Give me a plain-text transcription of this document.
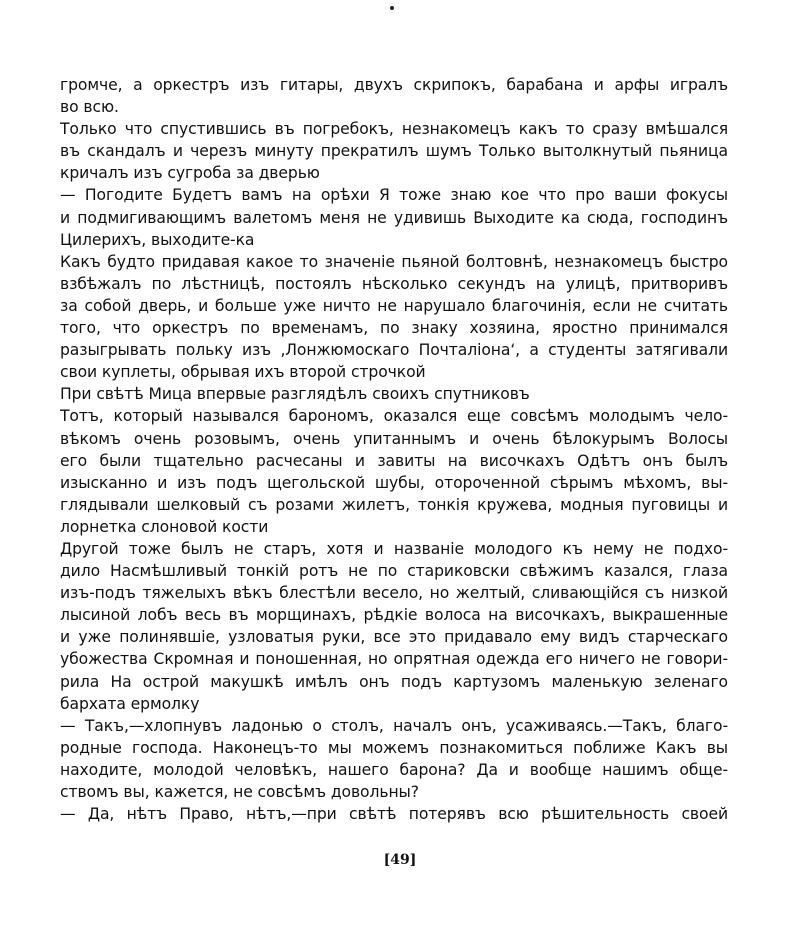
громче, а оркестръ изъ гитары, двухъ скрипокъ, барабана и арфы игралъ
во всю.
Только что спустившись въ погребокъ, незнакомецъ какъ то сразу вмѣшался
въ скандалъ и черезъ минуту прекратилъ шумъ Только вытолкнутый пьяница
кричалъ изъ сугроба за дверью
— Погодите Будетъ вамъ на орѣхи Я тоже знаю кое что про ваши фокусы
и подмигивающимъ валетомъ меня не удивишь Выходите ка сюда, господинъ
Цилерихъ, выходите-ка
Какъ будто придавая какое то значенiе пьяной болтовнѣ, незнакомецъ быстро
взбѣжалъ по лѣстницѣ, постоялъ нѣсколько секундъ на улицѣ, притворивъ
за собой дверь, и больше уже ничто не нарушало благочинiя, если не считать
того, что оркестръ по временамъ, по знаку хозяина, яростно принимался
разыгрывать польку изъ ‚Лонжюмоскаго Почталiона‘, а студенты затягивали
свои куплеты, обрывая ихъ второй строчкой
При свѣтѣ Мица впервые разглядѣлъ своихъ спутниковъ
Тотъ, который назывался барономъ, оказался еще совсѣмъ молодымъ чело-
вѣкомъ очень розовымъ, очень упитаннымъ и очень бѣлокурымъ Волосы
его были тщательно расчесаны и завиты на височкахъ Одѣтъ онъ былъ
изысканно и изъ подъ щегольской шубы, отороченной сѣрымъ мѣхомъ, вы-
глядывали шелковый съ розами жилетъ, тонкiя кружева, модныя пуговицы и
лорнетка слоновой кости
Другой тоже былъ не старъ, хотя и названiе молодого къ нему не подхо-
дило Насмѣшливый тонкiй ротъ не по стариковски свѣжимъ казался, глаза
изъ-подъ тяжелыхъ вѣкъ блестѣли весело, но желтый, сливающiйся съ низкой
лысиной лобъ весь въ морщинахъ, рѣдкiе волоса на височкахъ, выкрашенные
и уже полинявшiе, узловатыя руки, все это придавало ему видъ старческаго
убожества Скромная и поношенная, но опрятная одежда его ничего не говори-
рила На острой макушкѣ имѣлъ онъ подъ картузомъ маленькую зеленаго
бархата ермолку
— Такъ,—хлопнувъ ладонью о столъ, началъ онъ, усаживаясь.—Такъ, благо-
родные господа. Наконецъ-то мы можемъ познакомиться поближе Какъ вы
находите, молодой человѣкъ, нашего барона? Да и вообще нашимъ обще-
ствомъ вы, кажется, не совсѣмъ довольны?
— Да, нѣтъ Право, нѣтъ,—при свѣтѣ потерявъ всю рѣшительность своей
[49]
